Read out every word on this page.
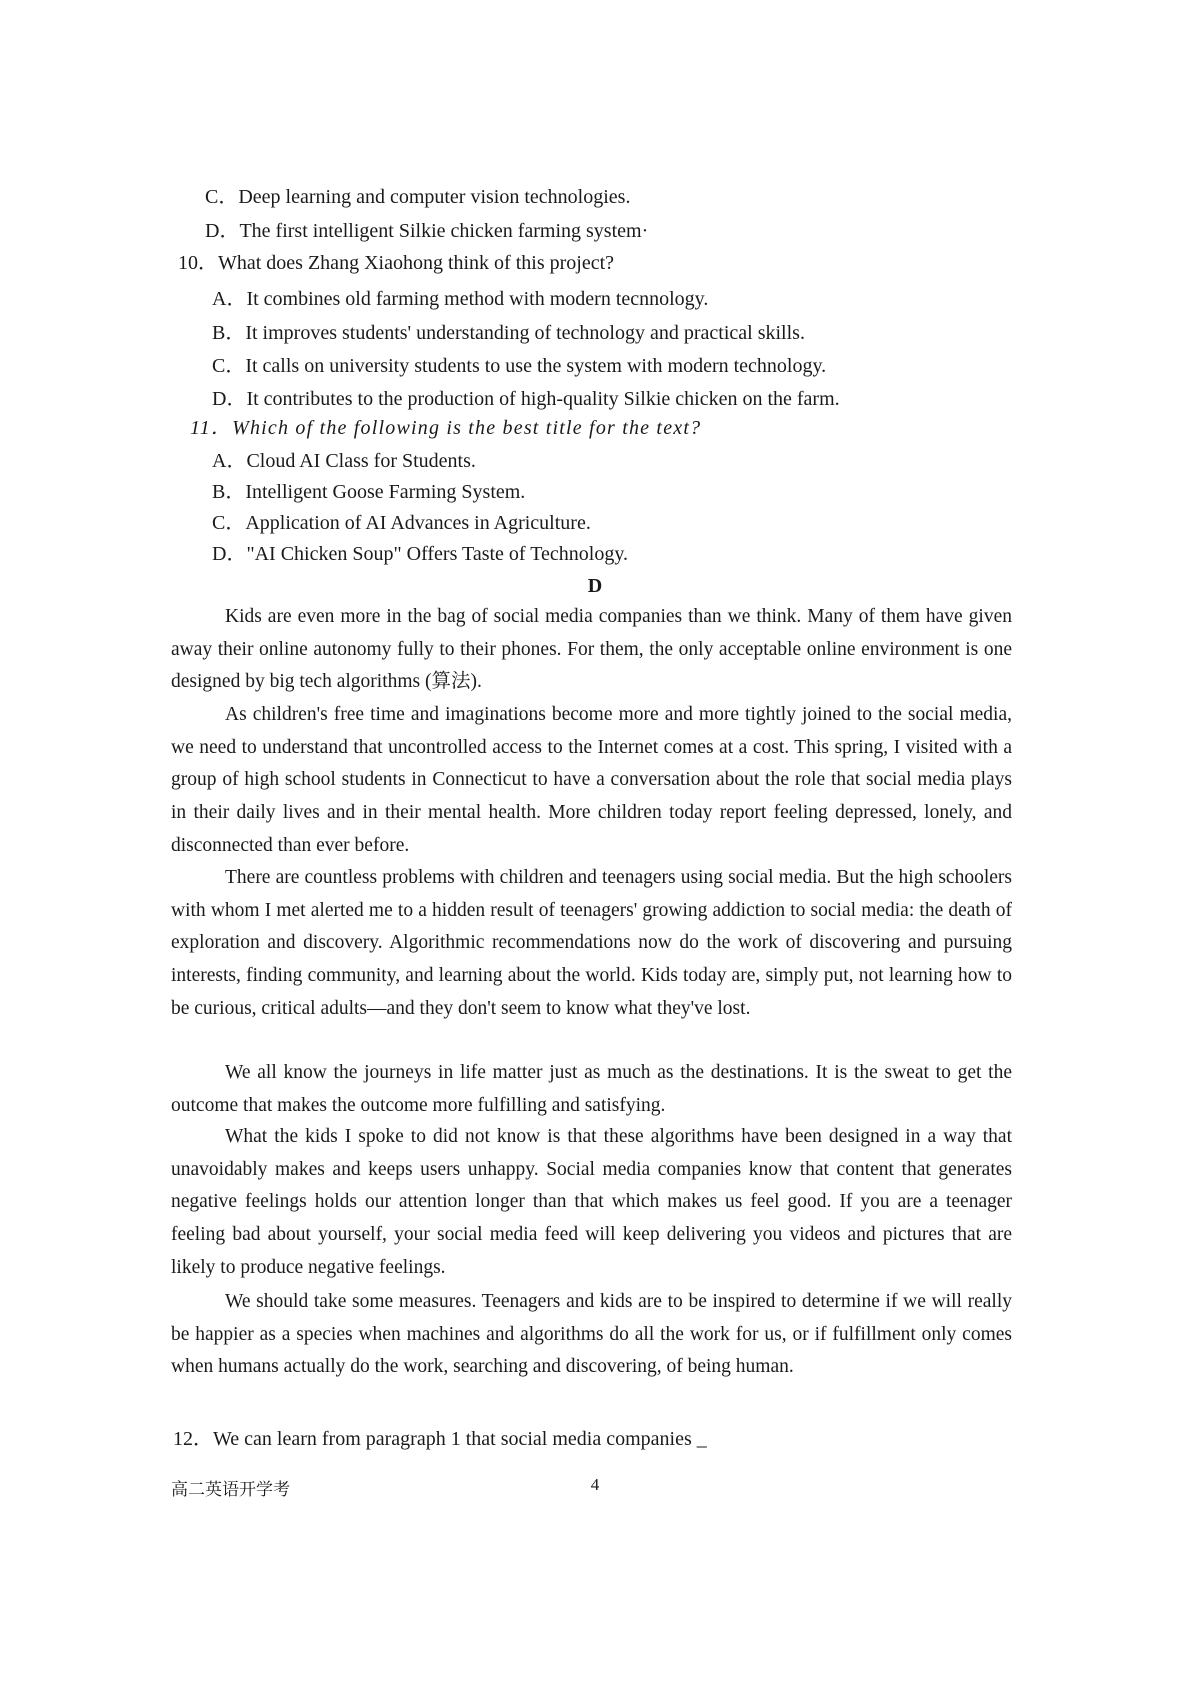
C．Deep learning and computer vision technologies.
D．The first intelligent Silkie chicken farming system·
10．What does Zhang Xiaohong think of this project?
A．It combines old farming method with modern tecnnology.
B．It improves students' understanding of technology and practical skills.
C．It calls on university students to use the system with modern technology.
D．It contributes to the production of high-quality Silkie chicken on the farm.
11．Which of the following is the best title for the text?
A．Cloud AI Class for Students.
B．Intelligent Goose Farming System.
C．Application of AI Advances in Agriculture.
D．"AI Chicken Soup" Offers Taste of Technology.
D

Kids are even more in the bag of social media companies than we think. Many of them have given away their online autonomy fully to their phones. For them, the only acceptable online environment is one designed by big tech algorithms (算法).

As children's free time and imaginations become more and more tightly joined to the social media, we need to understand that uncontrolled access to the Internet comes at a cost. This spring, I visited with a group of high school students in Connecticut to have a conversation about the role that social media plays in their daily lives and in their mental health. More children today report feeling depressed, lonely, and disconnected than ever before.

There are countless problems with children and teenagers using social media. But the high schoolers with whom I met alerted me to a hidden result of teenagers' growing addiction to social media: the death of exploration and discovery. Algorithmic recommendations now do the work of discovering and pursuing interests, finding community, and learning about the world. Kids today are, simply put, not learning how to be curious, critical adults—and they don't seem to know what they've lost.

We all know the journeys in life matter just as much as the destinations. It is the sweat to get the outcome that makes the outcome more fulfilling and satisfying.

What the kids I spoke to did not know is that these algorithms have been designed in a way that unavoidably makes and keeps users unhappy. Social media companies know that content that generates negative feelings holds our attention longer than that which makes us feel good. If you are a teenager feeling bad about yourself, your social media feed will keep delivering you videos and pictures that are likely to produce negative feelings.

We should take some measures. Teenagers and kids are to be inspired to determine if we will really be happier as a species when machines and algorithms do all the work for us, or if fulfillment only comes when humans actually do the work, searching and discovering, of being human.

12．We can learn from paragraph 1 that social media companies _
高二英语开学考	4
